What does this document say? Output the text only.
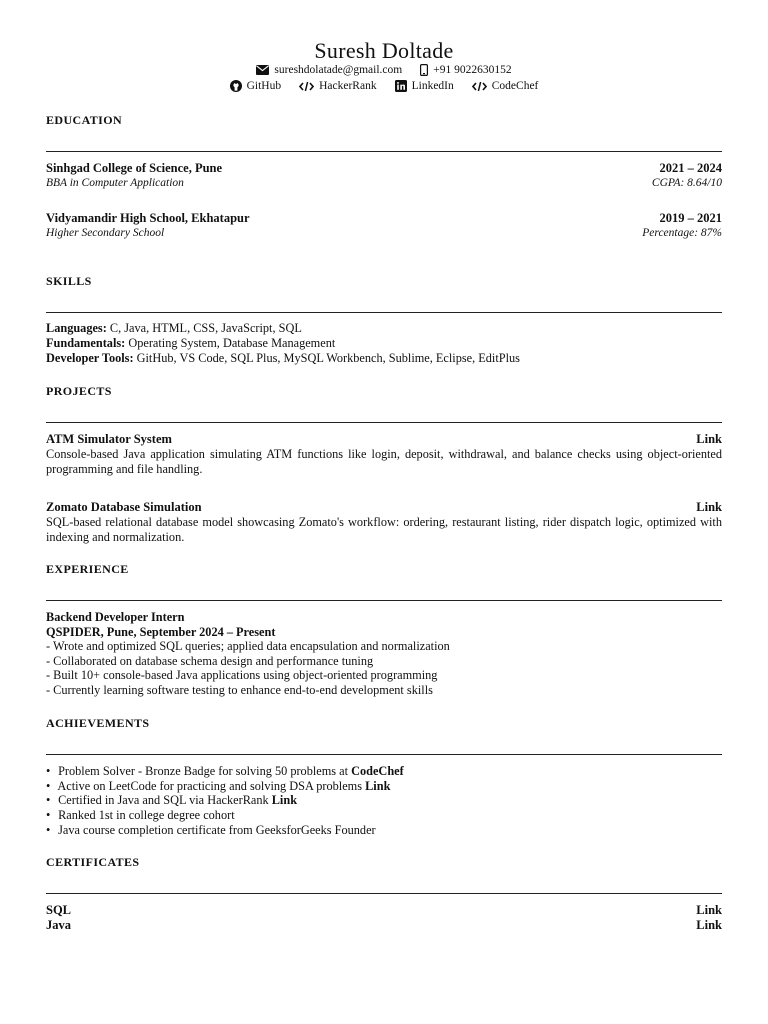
Suresh Doltade
sureshdolatade@gmail.com	+91 9022630152
GitHub	HackerRank	LinkedIn	CodeChef
EDUCATION
Sinhgad College of Science, Pune	2021 – 2024
BBA in Computer Application	CGPA: 8.64/10
Vidyamandir High School, Ekhatapur	2019 – 2021
Higher Secondary School	Percentage: 87%
SKILLS
Languages: C, Java, HTML, CSS, JavaScript, SQL
Fundamentals: Operating System, Database Management
Developer Tools: GitHub, VS Code, SQL Plus, MySQL Workbench, Sublime, Eclipse, EditPlus
PROJECTS
ATM Simulator System	Link
Console-based Java application simulating ATM functions like login, deposit, withdrawal, and balance checks using object-oriented programming and file handling.
Zomato Database Simulation	Link
SQL-based relational database model showcasing Zomato's workflow: ordering, restaurant listing, rider dispatch logic, optimized with indexing and normalization.
EXPERIENCE
Backend Developer Intern
QSPIDER, Pune, September 2024 – Present
- Wrote and optimized SQL queries; applied data encapsulation and normalization
- Collaborated on database schema design and performance tuning
- Built 10+ console-based Java applications using object-oriented programming
- Currently learning software testing to enhance end-to-end development skills
ACHIEVEMENTS
• Problem Solver - Bronze Badge for solving 50 problems at CodeChef
• Active on LeetCode for practicing and solving DSA problems Link
• Certified in Java and SQL via HackerRank Link
• Ranked 1st in college degree cohort
• Java course completion certificate from GeeksforGeeks Founder
CERTIFICATES
SQL	Link
Java	Link
